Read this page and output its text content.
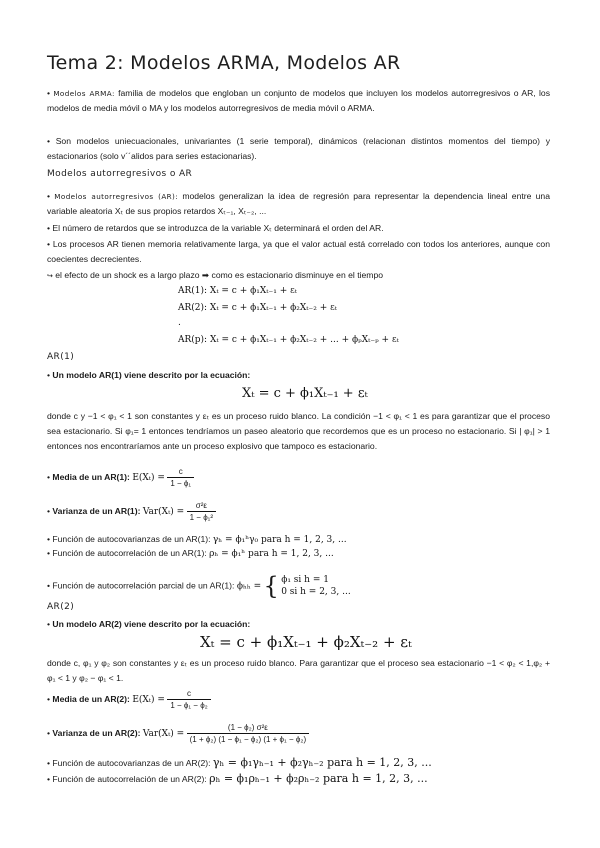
Tema 2: Modelos ARMA, Modelos AR
• Modelos ARMA: familia de modelos que engloban un conjunto de modelos que incluyen los modelos autorregresivos o AR, los modelos de media móvil o MA y los modelos autorregresivos de media móvil o ARMA.
• Son modelos uniecuacionales, univariantes (1 serie temporal), dinámicos (relacionan distintos momentos del tiempo) y estacionarios (solo v´´alidos para series estacionarias).
Modelos autorregresivos o AR
• Modelos autorregresivos (AR): modelos generalizan la idea de regresión para representar la dependencia lineal entre una variable aleatoria Xₜ de sus propios retardos Xₜ₋₁, Xₜ₋₂, ...
• El número de retardos que se introduzca de la variable Xₜ determinará el orden del AR.
• Los procesos AR tienen memoria relativamente larga, ya que el valor actual está correlado con todos los anteriores, aunque con coecientes decrecientes.
↪ el efecto de un shock es a largo plazo ➡ como es estacionario disminuye en el tiempo
AR(1): Xₜ = c + ϕ₁Xₜ₋₁ + εₜ
AR(2): Xₜ = c + ϕ₁Xₜ₋₁ + ϕ₂Xₜ₋₂ + εₜ
.
AR(p): Xₜ = c + ϕ₁Xₜ₋₁ + ϕ₂Xₜ₋₂ + ... + ϕₚXₜ₋ₚ + εₜ
AR(1)
• Un modelo AR(1) viene descrito por la ecuación:
Xₜ = c + ϕ₁Xₜ₋₁ + εₜ
donde c y −1 < φ₁ < 1 son constantes y εₜ es un proceso ruido blanco. La condición −1 < φ₁ < 1 es para garantizar que el proceso sea estacionario. Si φ₁= 1 entonces tendríamos un paseo aleatorio que recordemos que es un proceso no estacionario. Si | φ₁| > 1 entonces nos encontraríamos ante un proceso explosivo que tampoco es estacionario.
• Media de un AR(1): $E(X_t) = \frac{c}{\text{1 − ϕ₁}}$
• Varianza de un AR(1): $Var(X_t) = \frac{\text{σ²ε}}{\text{1 − ϕ₁²}}$
• Función de autocovarianzas de un AR(1): γₕ = ϕ₁ʰγ₀ para h = 1, 2, 3, ...
• Función de autocorrelación de un AR(1): ρₕ = ϕ₁ʰ para h = 1, 2, 3, ...
• Función de autocorrelación parcial de un AR(1): ϕₕₕ = { ϕ₁ si h = 1
0 si h = 2, 3, ...
AR(2)
• Un modelo AR(2) viene descrito por la ecuación:
Xₜ = c + ϕ₁Xₜ₋₁ + ϕ₂Xₜ₋₂ + εₜ
donde c, φ₁ y φ₂ son constantes y εₜ es un proceso ruido blanco. Para garantizar que el proceso sea estacionario −1 < φ₂ < 1,φ₂ + φ₁ < 1 y φ₂ − φ₁ < 1.
• Media de un AR(2): $E(X_t) = \frac{c}{\text{1 − ϕ₁ − ϕ₂}}$
• Varianza de un AR(2): $Var(X_t) = \frac{\text{(1 − ϕ₂) σ²ε}}{\text{(1 + ϕ₂) (1 − ϕ₁ − ϕ₂) (1 + ϕ₁ − ϕ₂)}}$
• Función de autocovarianzas de un AR(2): γₕ = ϕ₁γₕ₋₁ + ϕ₂γₕ₋₂ para h = 1, 2, 3, ...
• Función de autocorrelación de un AR(2): ρₕ = ϕ₁ρₕ₋₁ + ϕ₂ρₕ₋₂ para h = 1, 2, 3, ...
